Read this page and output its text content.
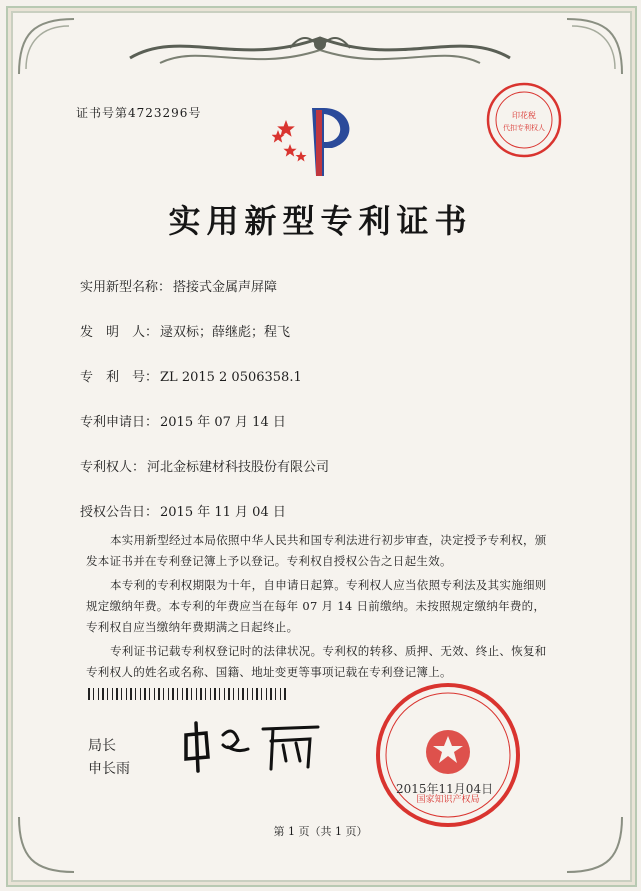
证书号第4723296号	印花税
代扣专利权人
实用新型专利证书
实用新型名称： 搭接式金属声屏障
发　明　人： 逯双标；薛继彪；程飞
专　利　号： ZL 2015 2 0506358.1
专利申请日： 2015 年 07 月 14 日
专利权人： 河北金标建材科技股份有限公司
授权公告日： 2015 年 11 月 04 日
本实用新型经过本局依照中华人民共和国专利法进行初步审查，决定授予专利权，颁发本证书并在专利登记簿上予以登记。专利权自授权公告之日起生效。
本专利的专利权期限为十年，自申请日起算。专利权人应当依照专利法及其实施细则规定缴纳年费。本专利的年费应当在每年 07 月 14 日前缴纳。未按照规定缴纳年费的，专利权自应当缴纳年费期满之日起终止。
专利证书记载专利权登记时的法律状况。专利权的转移、质押、无效、终止、恢复和专利权人的姓名或名称、国籍、地址变更等事项记载在专利登记簿上。
局长
申长雨
国家知识产权局
2015年11月04日
第 1 页（共 1 页）
